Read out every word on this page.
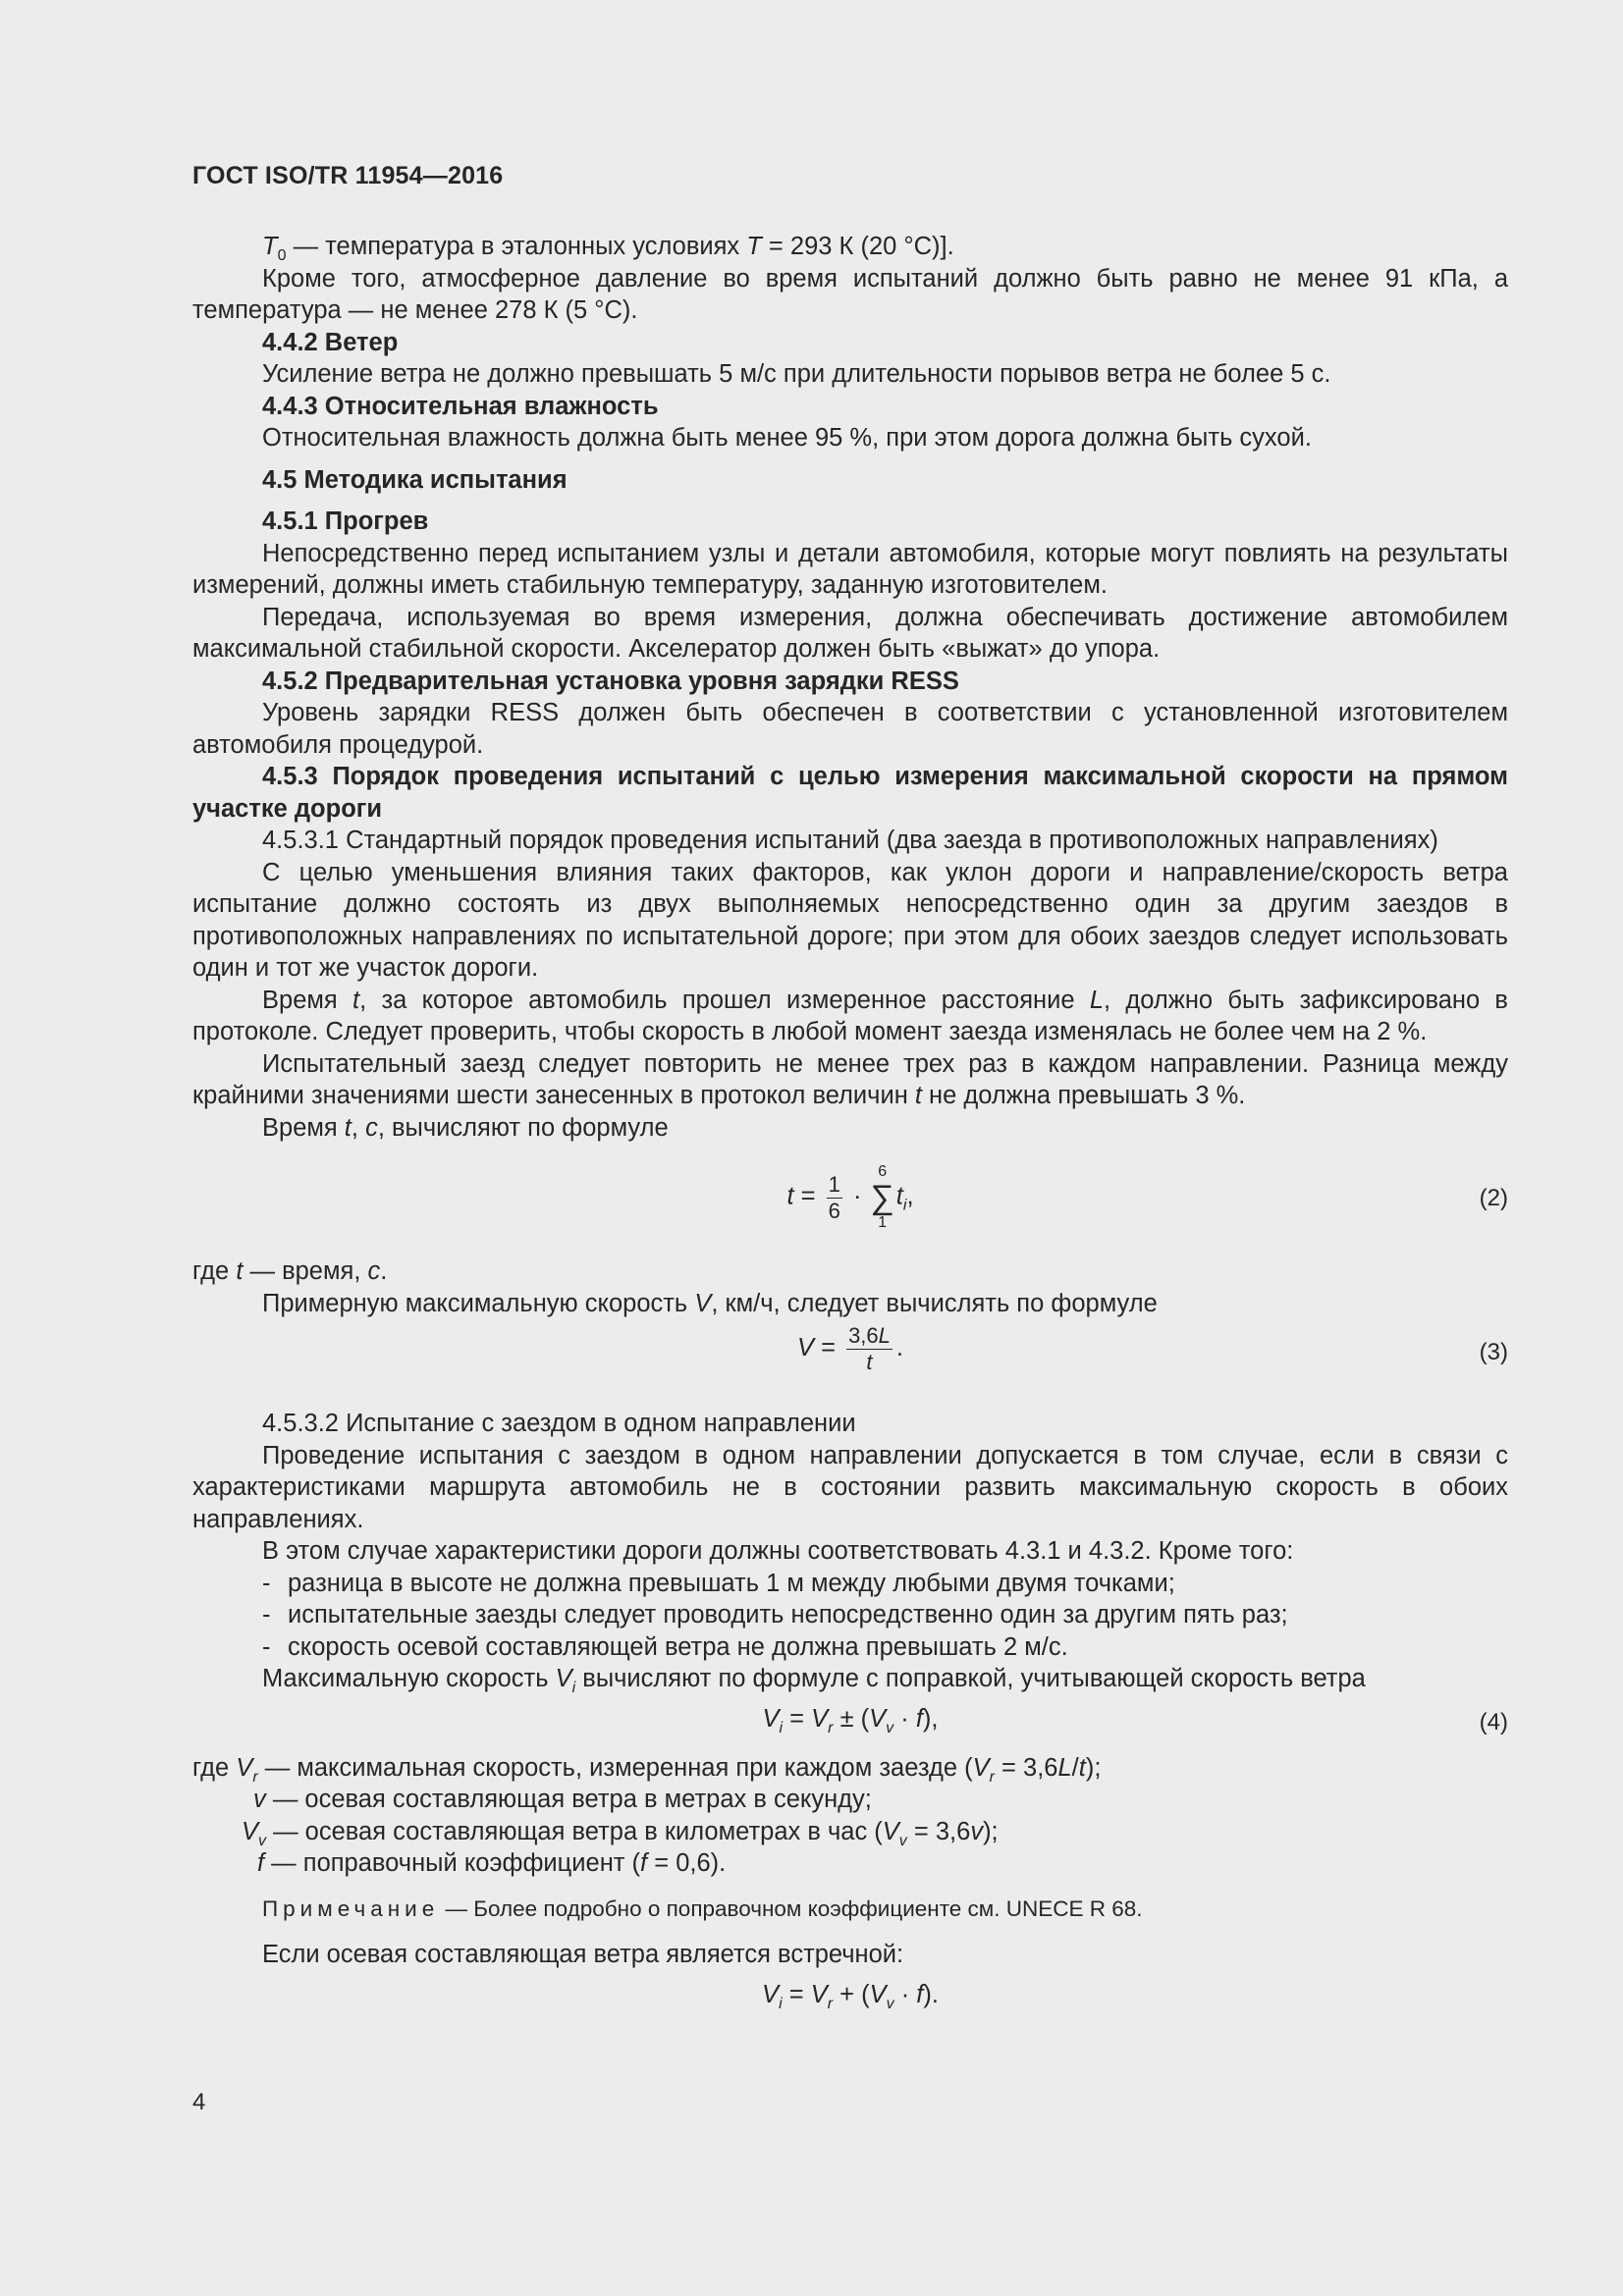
ГОСТ ISO/TR 11954—2016

$T_0$ — температура в эталонных условиях T = 293 К (20 °С)].

Кроме того, атмосферное давление во время испытаний должно быть равно не менее 91 кПа, а температура — не менее 278 К (5 °С).

4.4.2 Ветер

Усиление ветра не должно превышать 5 м/с при длительности порывов ветра не более 5 с.

4.4.3 Относительная влажность

Относительная влажность должна быть менее 95 %, при этом дорога должна быть сухой.

4.5 Методика испытания

4.5.1 Прогрев

Непосредственно перед испытанием узлы и детали автомобиля, которые могут повлиять на результаты измерений, должны иметь стабильную температуру, заданную изготовителем.

Передача, используемая во время измерения, должна обеспечивать достижение автомобилем максимальной стабильной скорости. Акселератор должен быть «выжат» до упора.

4.5.2 Предварительная установка уровня зарядки RESS

Уровень зарядки RESS должен быть обеспечен в соответствии с установленной изготовителем автомобиля процедурой.

4.5.3 Порядок проведения испытаний с целью измерения максимальной скорости на прямом участке дороги

4.5.3.1 Стандартный порядок проведения испытаний (два заезда в противоположных направлениях)

С целью уменьшения влияния таких факторов, как уклон дороги и направление/скорость ветра испытание должно состоять из двух выполняемых непосредственно один за другим заездов в противоположных направлениях по испытательной дороге; при этом для обоих заездов следует использовать один и тот же участок дороги.

Время t, за которое автомобиль прошел измеренное расстояние L, должно быть зафиксировано в протоколе. Следует проверить, чтобы скорость в любой момент заезда изменялась не более чем на 2 %.

Испытательный заезд следует повторить не менее трех раз в каждом направлении. Разница между крайними значениями шести занесенных в протокол величин t не должна превышать 3 %.

Время t, с, вычисляют по формуле

$t = \frac{1}{6}$ ·
6
∑
1
$t_i$,	(2)

где t — время, с.

Примерную максимальную скорость V, км/ч, следует вычислять по формуле

$V = \frac{3,6L}{t}$ .	(3)

4.5.3.2 Испытание с заездом в одном направлении

Проведение испытания с заездом в одном направлении допускается в том случае, если в связи с характеристиками маршрута автомобиль не в состоянии развить максимальную скорость в обоих направлениях.

В этом случае характеристики дороги должны соответствовать 4.3.1 и 4.3.2. Кроме того:

- разница в высоте не должна превышать 1 м между любыми двумя точками;
- испытательные заезды следует проводить непосредственно один за другим пять раз;
- скорость осевой составляющей ветра не должна превышать 2 м/с.

Максимальную скорость $V_i$ вычисляют по формуле с поправкой, учитывающей скорость ветра

$V_i = V_r \pm (V_v \cdot f)$,	(4)

где $V_r$ — максимальная скорость, измеренная при каждом заезде $(V_r = 3,6L/t)$;

v — осевая составляющая ветра в метрах в секунду;

$V_v$ — осевая составляющая ветра в километрах в час $(V_v = 3,6v)$;

f — поправочный коэффициент (f = 0,6).

Примечание — Более подробно о поправочном коэффициенте см. UNECE R 68.

Если осевая составляющая ветра является встречной:

$V_i = V_r + (V_v \cdot f)$.
4
